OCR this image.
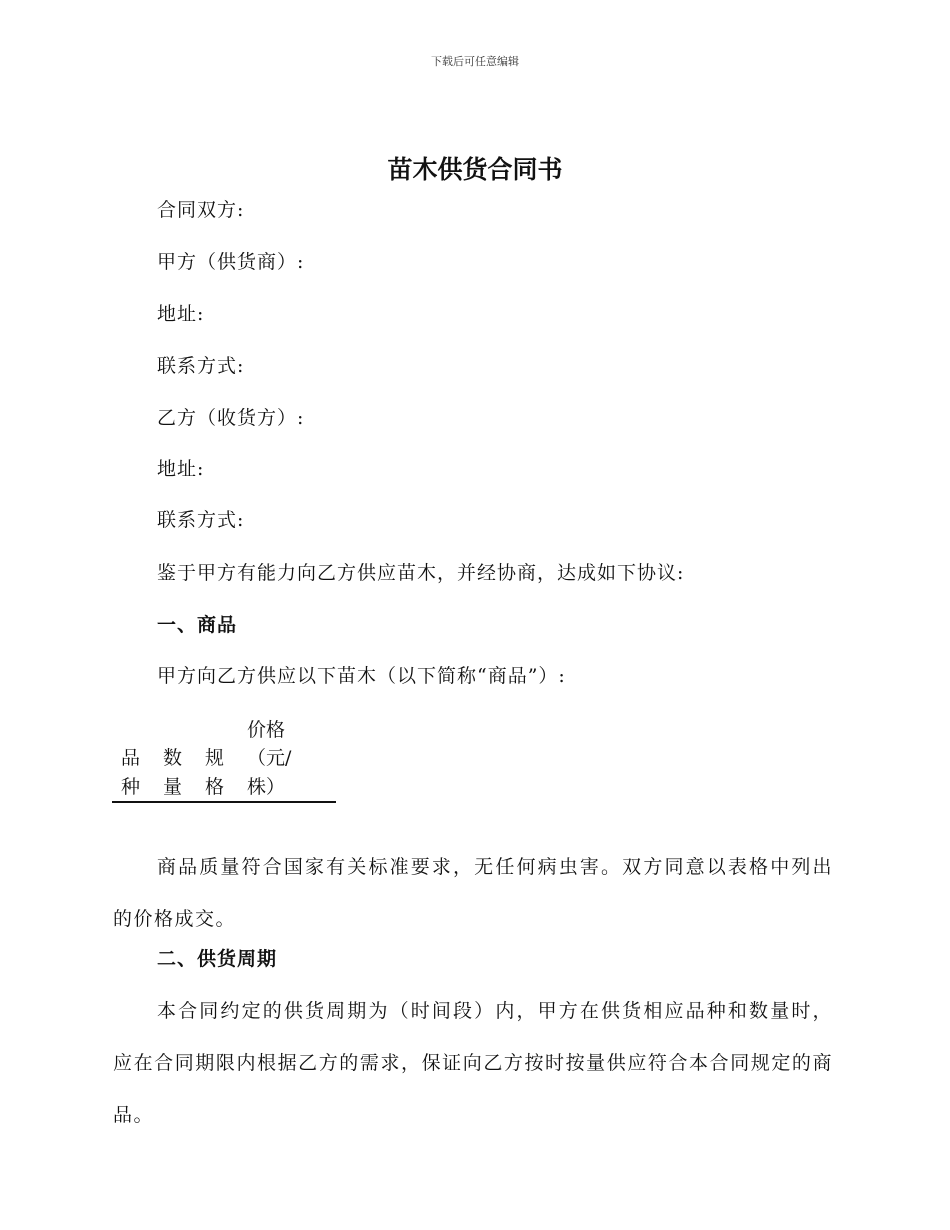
下载后可任意编辑
苗木供货合同书
合同双方:
甲方（供货商）:
地址:
联系方式:
乙方（收货方）:
地址:
联系方式:
鉴于甲方有能力向乙方供应苗木，并经协商，达成如下协议:
一、商品
甲方向乙方供应以下苗木（以下简称“商品”）:
品
种
数
量
规
格
价格
（元/
株）
商品质量符合国家有关标准要求，无任何病虫害。双方同意以表格中列出的价格成交。
二、供货周期
本合同约定的供货周期为（时间段）内，甲方在供货相应品种和数量时，应在合同期限内根据乙方的需求，保证向乙方按时按量供应符合本合同规定的商品。
